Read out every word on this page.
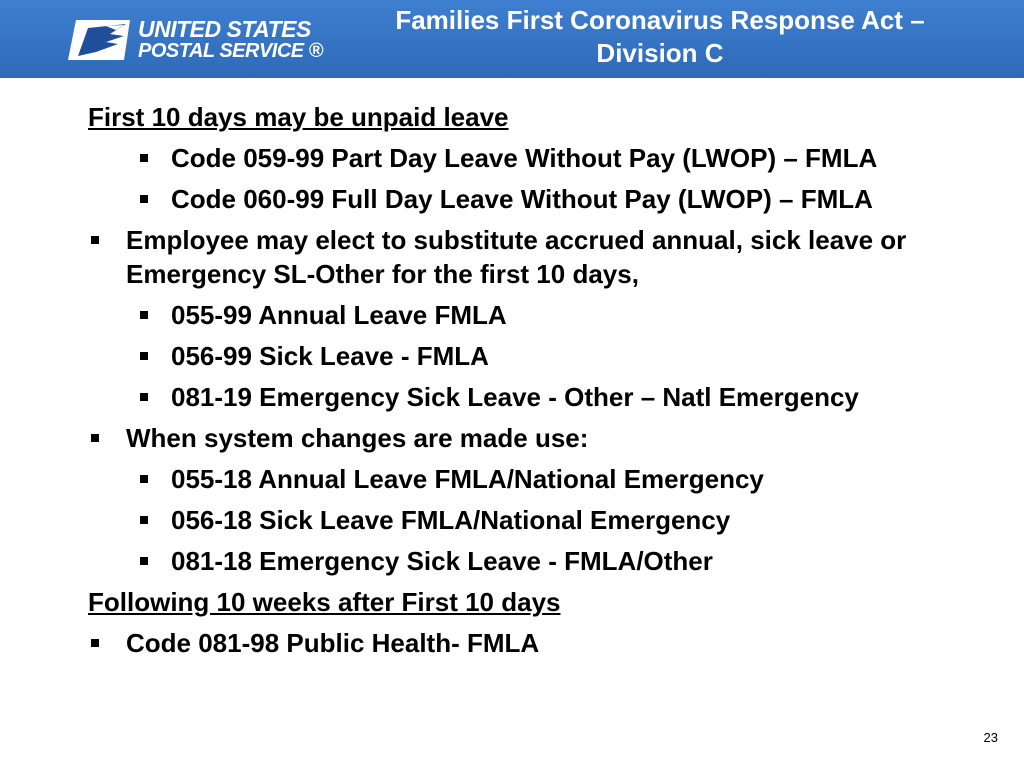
UNITED STATES
POSTAL SERVICE ®
Families First Coronavirus Response Act –
Division C
First 10 days may be unpaid leave
Code 059-99 Part Day Leave Without Pay (LWOP) – FMLA
Code 060-99 Full Day Leave Without Pay (LWOP) – FMLA
Employee may elect to substitute accrued annual, sick leave or Emergency SL-Other for the first 10 days,
055-99 Annual Leave FMLA
056-99 Sick Leave - FMLA
081-19 Emergency Sick Leave - Other – Natl Emergency
When system changes are made use:
055-18 Annual Leave FMLA/National Emergency
056-18 Sick Leave FMLA/National Emergency
081-18 Emergency Sick Leave - FMLA/Other
Following 10 weeks after First 10 days
Code 081-98 Public Health- FMLA
23
